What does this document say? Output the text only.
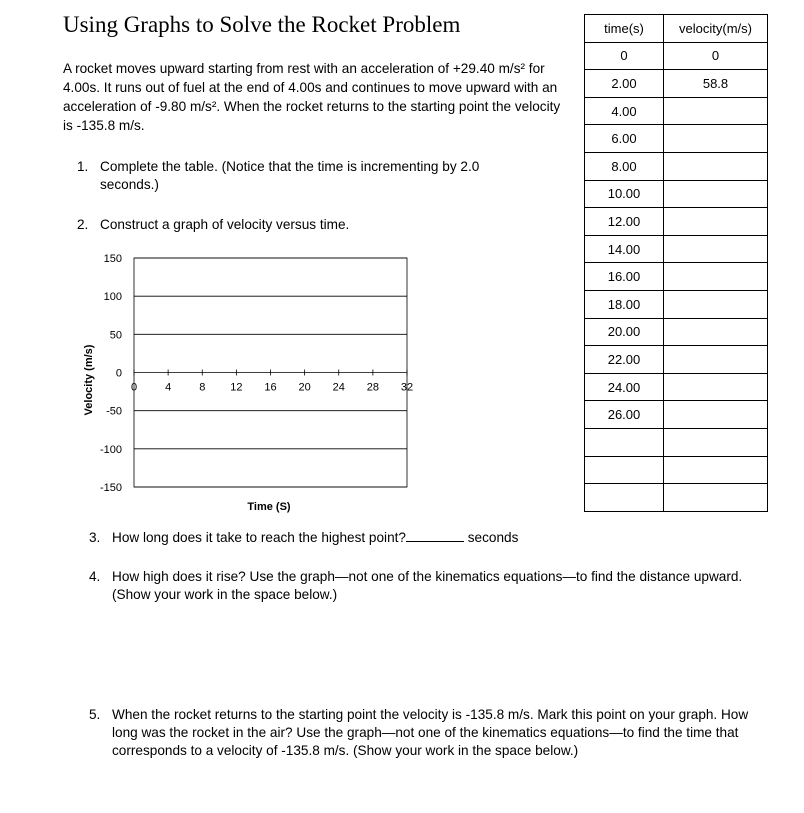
Using Graphs to Solve the Rocket Problem
A rocket moves upward starting from rest with an acceleration of +29.40 m/s² for 4.00s. It runs out of fuel at the end of 4.00s and continues to move upward with an acceleration of -9.80 m/s². When the rocket returns to the starting point the velocity is -135.8 m/s.
1. Complete the table. (Notice that the time is incrementing by 2.0 seconds.)
2. Construct a graph of velocity versus time.
150
100
50
0
-50
-100
-150
0	4	8 12 16 20 24 28 32
Velocity (m/s)
Time (S)
3. How long does it take to reach the highest point?	seconds
4. How high does it rise? Use the graph—not one of the kinematics equations—to find the distance upward. (Show your work in the space below.)
5. When the rocket returns to the starting point the velocity is -135.8 m/s. Mark this point on your graph. How long was the rocket in the air? Use the graph—not one of the kinematics equations—to find the time that corresponds to a velocity of -135.8 m/s. (Show your work in the space below.)
time(s)	velocity(m/s)
0	0
2.00	58.8
4.00	
6.00	
8.00	
10.00	
12.00	
14.00	
16.00	
18.00	
20.00	
22.00	
24.00	
26.00	
